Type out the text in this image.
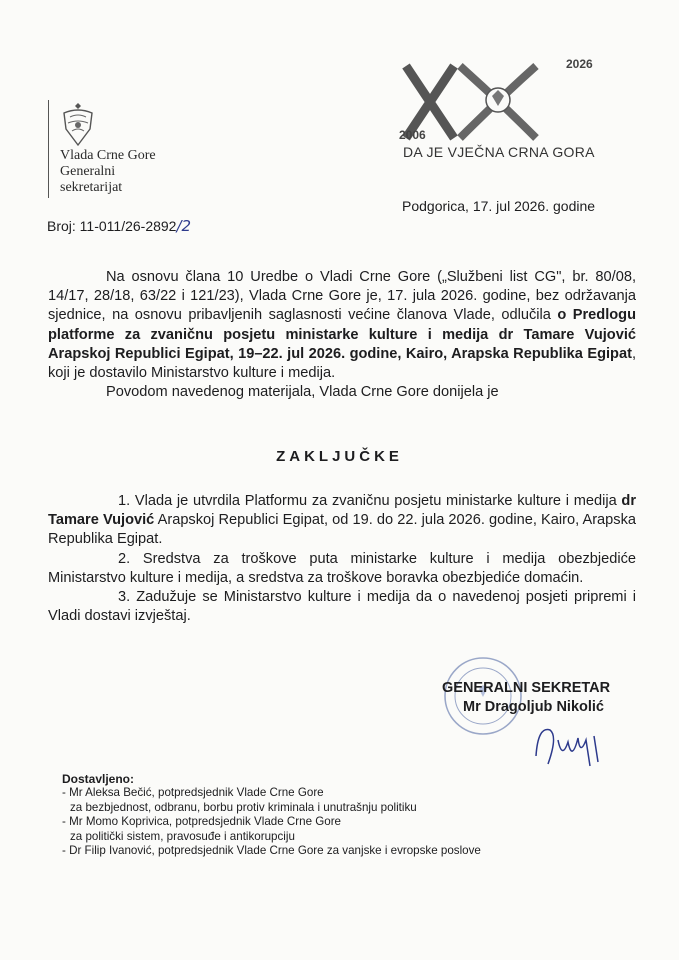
Vlada Crne Gore
Generalni
sekretarijat
2006
2026
DA JE VJEČNA CRNA GORA
Podgorica, 17. jul 2026. godine
Broj: 11-011/26-2892/2

Na osnovu člana 10 Uredbe o Vladi Crne Gore („Službeni list CG", br. 80/08, 14/17, 28/18, 63/22 i 121/23), Vlada Crne Gore je, 17. jula 2026. godine, bez održavanja sjednice, na osnovu pribavljenih saglasnosti većine članova Vlade, odlučila o Predlogu platforme za zvaničnu posjetu ministarke kulture i medija dr Tamare Vujović Arapskoj Republici Egipat, 19–22. jul 2026. godine, Kairo, Arapska Republika Egipat, koji je dostavilo Ministarstvo kulture i medija.

Povodom navedenog materijala, Vlada Crne Gore donijela je

ZAKLJUČKE

1. Vlada je utvrdila Platformu za zvaničnu posjetu ministarke kulture i medija dr Tamare Vujović Arapskoj Republici Egipat, od 19. do 22. jula 2026. godine, Kairo, Arapska Republika Egipat.

2. Sredstva za troškove puta ministarke kulture i medija obezbjediće Ministarstvo kulture i medija, a sredstva za troškove boravka obezbjediće domaćin.

3. Zadužuje se Ministarstvo kulture i medija da o navedenoj posjeti pripremi i Vladi dostavi izvještaj.

GENERALNI SEKRETAR
Mr Dragoljub Nikolić
Dostavljeno:
- Mr Aleksa Bečić, potpredsjednik Vlade Crne Gore
za bezbjednost, odbranu, borbu protiv kriminala i unutrašnju politiku
- Mr Momo Koprivica, potpredsjednik Vlade Crne Gore
za politički sistem, pravosuđe i antikorupciju
- Dr Filip Ivanović, potpredsjednik Vlade Crne Gore za vanjske i evropske poslove
